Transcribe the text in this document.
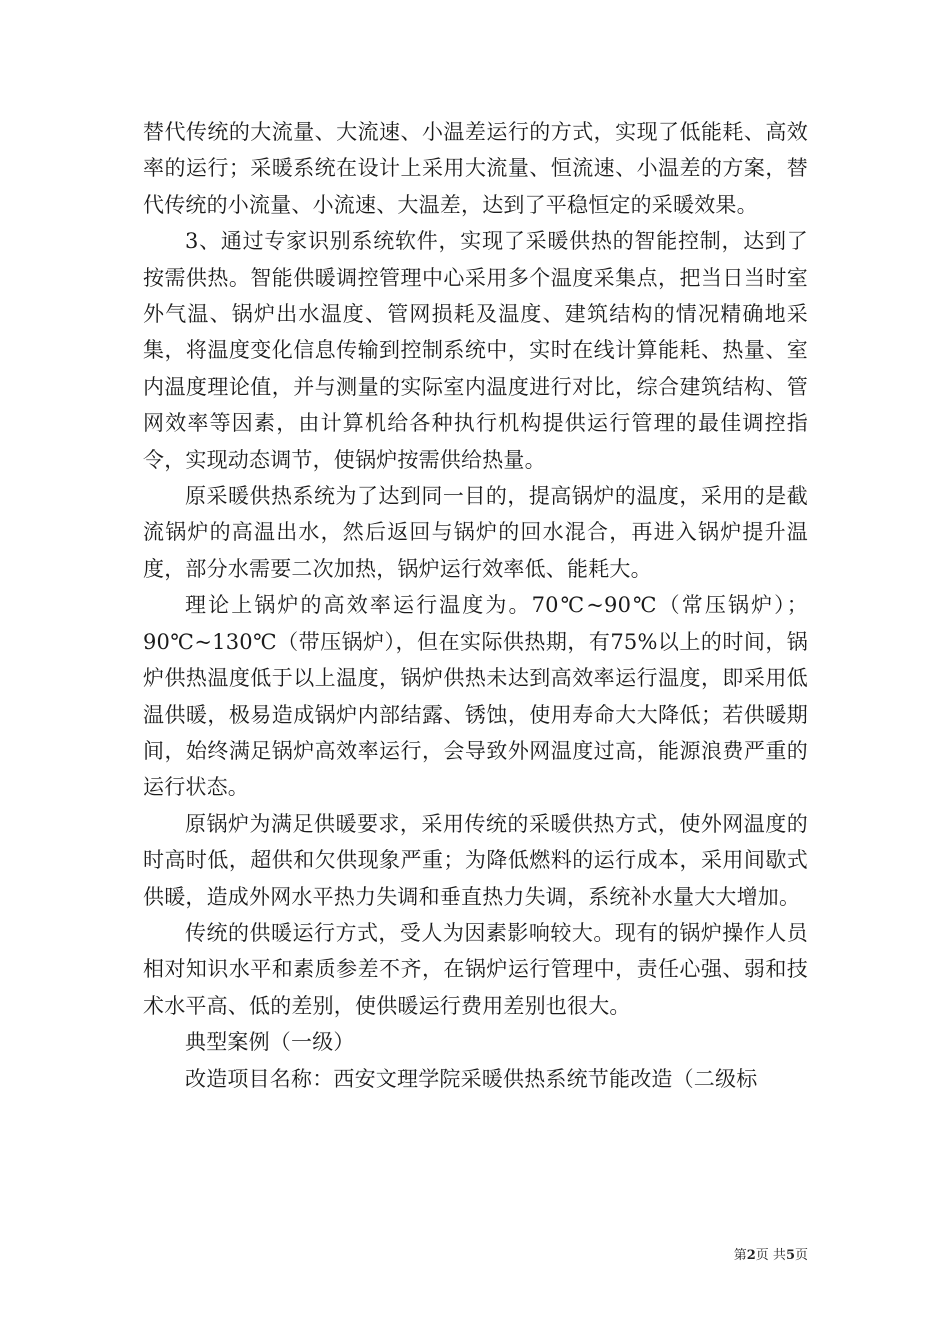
替代传统的大流量、大流速、小温差运行的方式，实现了低能耗、高效率的运行；采暖系统在设计上采用大流量、恒流速、小温差的方案，替代传统的小流量、小流速、大温差，达到了平稳恒定的采暖效果。

3、通过专家识别系统软件，实现了采暖供热的智能控制，达到了按需供热。智能供暖调控管理中心采用多个温度采集点，把当日当时室外气温、锅炉出水温度、管网损耗及温度、建筑结构的情况精确地采集，将温度变化信息传输到控制系统中，实时在线计算能耗、热量、室内温度理论值，并与测量的实际室内温度进行对比，综合建筑结构、管网效率等因素，由计算机给各种执行机构提供运行管理的最佳调控指令，实现动态调节，使锅炉按需供给热量。

原采暖供热系统为了达到同一目的，提高锅炉的温度，采用的是截流锅炉的高温出水，然后返回与锅炉的回水混合，再进入锅炉提升温度，部分水需要二次加热，锅炉运行效率低、能耗大。

理论上锅炉的高效率运行温度为。70℃~90℃（常压锅炉）；90℃~130℃（带压锅炉），但在实际供热期，有75%以上的时间，锅炉供热温度低于以上温度，锅炉供热未达到高效率运行温度，即采用低温供暖，极易造成锅炉内部结露、锈蚀，使用寿命大大降低；若供暖期间，始终满足锅炉高效率运行，会导致外网温度过高，能源浪费严重的运行状态。

原锅炉为满足供暖要求，采用传统的采暖供热方式，使外网温度的时高时低，超供和欠供现象严重；为降低燃料的运行成本，采用间歇式供暖，造成外网水平热力失调和垂直热力失调，系统补水量大大增加。

传统的供暖运行方式，受人为因素影响较大。现有的锅炉操作人员相对知识水平和素质参差不齐，在锅炉运行管理中，责任心强、弱和技术水平高、低的差别，使供暖运行费用差别也很大。

典型案例（一级）

改造项目名称：西安文理学院采暖供热系统节能改造（二级标

第2页 共5页
